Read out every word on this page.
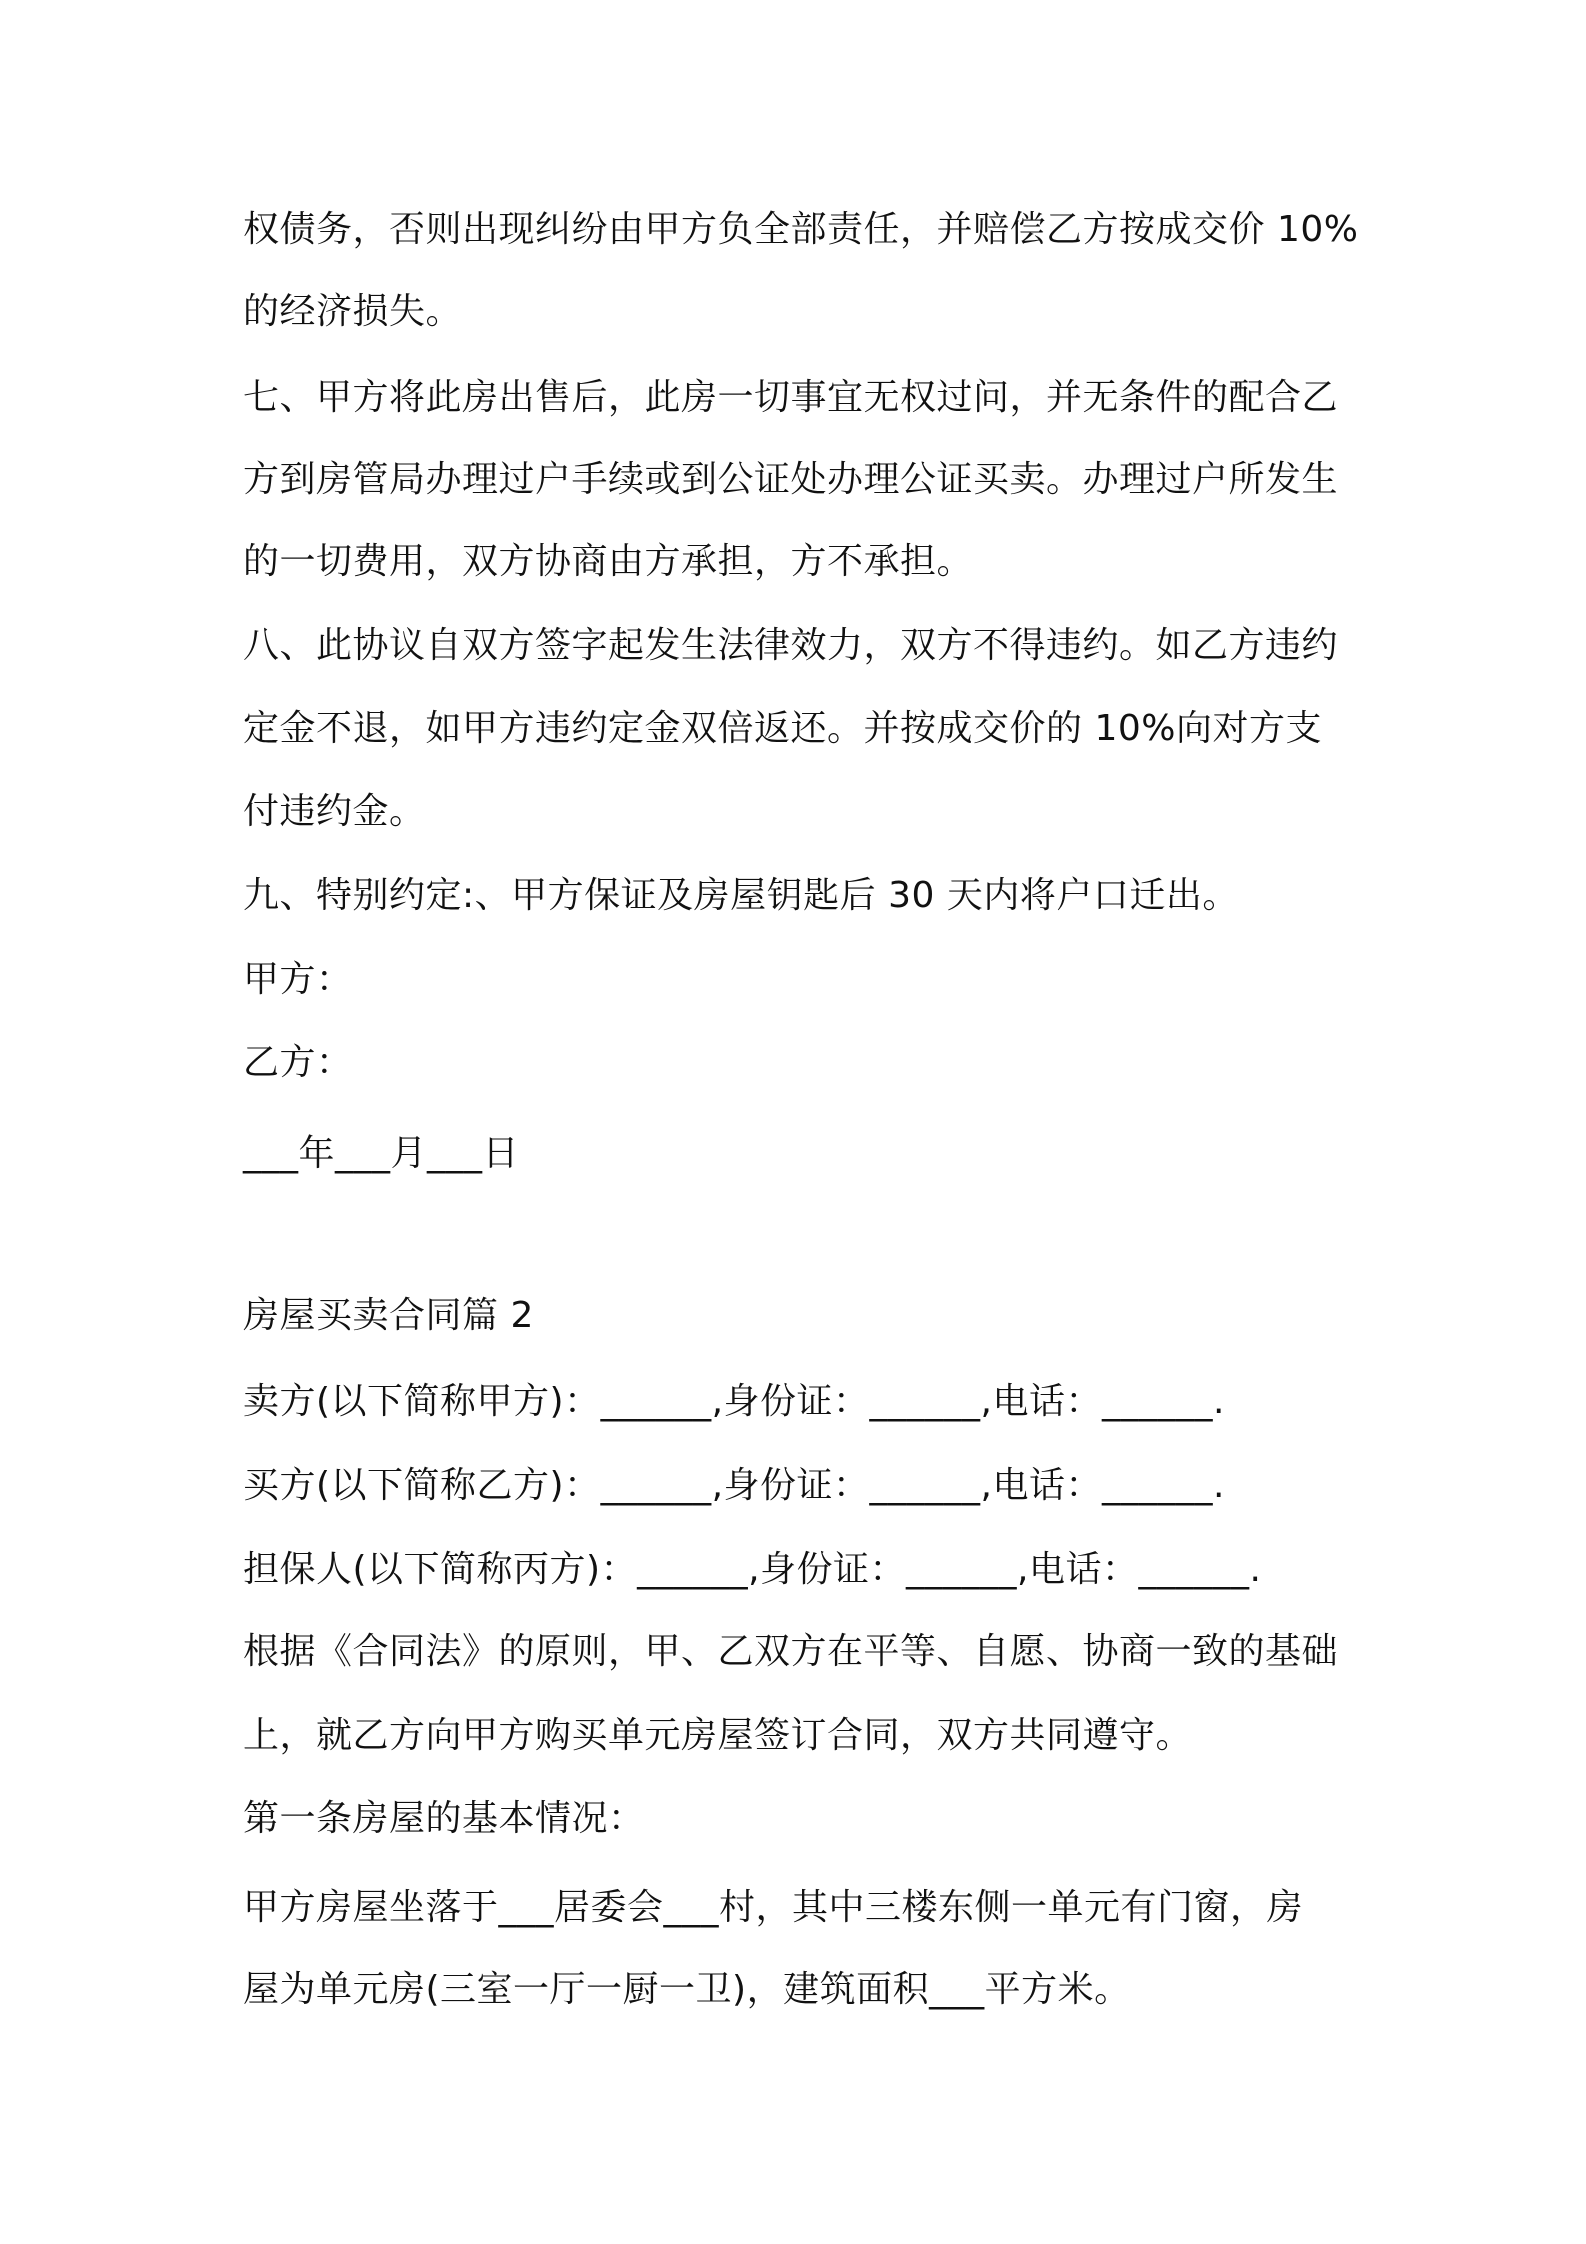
权债务，否则出现纠纷由甲方负全部责任，并赔偿乙方按成交价 10%
的经济损失。
七、甲方将此房出售后，此房一切事宜无权过问，并无条件的配合乙
方到房管局办理过户手续或到公证处办理公证买卖。办理过户所发生
的一切费用，双方协商由方承担，方不承担。
八、此协议自双方签字起发生法律效力，双方不得违约。如乙方违约
定金不退，如甲方违约定金双倍返还。并按成交价的 10%向对方支
付违约金。
九、特别约定:、甲方保证及房屋钥匙后 30 天内将户口迁出。
甲方：
乙方：
___年___月___日
房屋买卖合同篇 2
卖方(以下简称甲方)：______,身份证：______,电话：______.
买方(以下简称乙方)：______,身份证：______,电话：______.
担保人(以下简称丙方)：______,身份证：______,电话：______.
根据《合同法》的原则，甲、乙双方在平等、自愿、协商一致的基础
上，就乙方向甲方购买单元房屋签订合同，双方共同遵守。
第一条房屋的基本情况：
甲方房屋坐落于___居委会___村，其中三楼东侧一单元有门窗，房
屋为单元房(三室一厅一厨一卫)，建筑面积___平方米。
